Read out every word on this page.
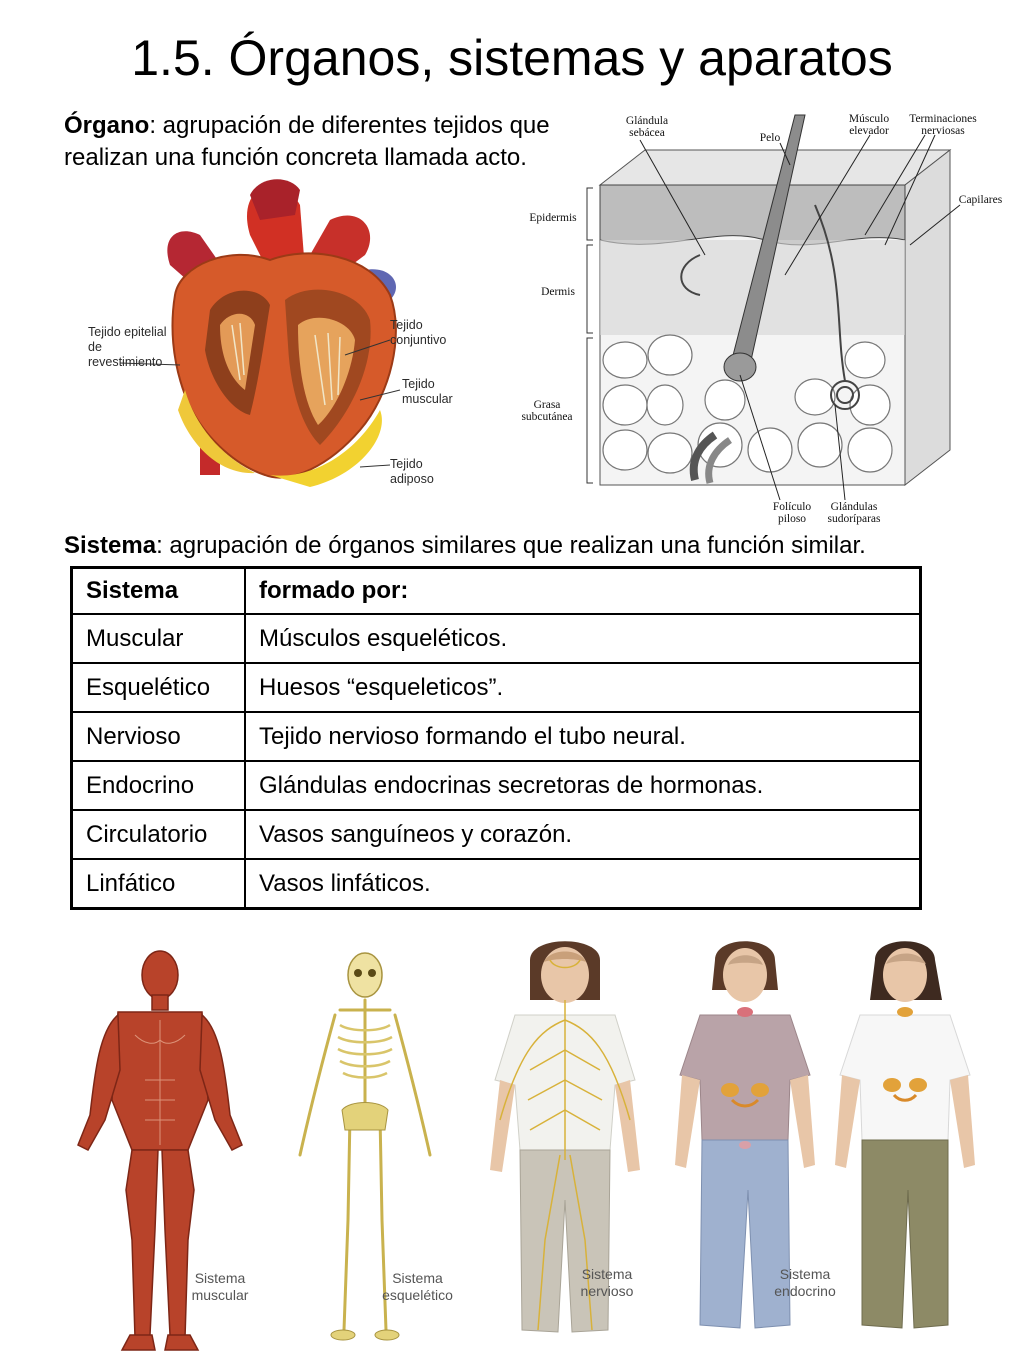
1.5. Órganos, sistemas y aparatos
Órgano: agrupación de diferentes tejidos que realizan una función concreta llamada acto.
Tejido epitelial de revestimiento
Tejido conjuntivo
Tejido muscular
Tejido adiposo
Glándula sebácea	Pelo
Músculo elevador
Terminaciones nerviosas
Capilares
Epidermis
Dermis
Grasa subcutánea
Folículo piloso
Glándulas sudoríparas
Sistema: agrupación de órganos similares que realizan una función similar.
Sistema	formado por:
Muscular	Músculos esqueléticos.
Esquelético	Huesos “esqueleticos”.
Nervioso	Tejido nervioso formando el tubo neural.
Endocrino	Glándulas endocrinas secretoras de hormonas.
Circulatorio	Vasos sanguíneos y corazón.
Linfático	Vasos linfáticos.
Sistema muscular
Sistema esquelético
Sistema nervioso
Sistema endocrino
